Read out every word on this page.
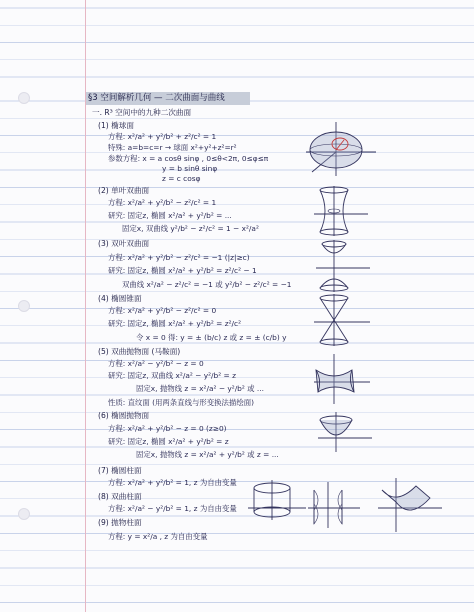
§3 空间解析几何 — 二次曲面与曲线
一. R³ 空间中的九种二次曲面
(1) 椭球面
方程: x²/a² + y²/b² + z²/c² = 1
特殊: a=b=c=r → 球面 x²+y²+z²=r²
参数方程: x = a cosθ sinφ , 0≤θ<2π, 0≤φ≤π
y = b sinθ sinφ
z = c cosφ
(2) 单叶双曲面
方程: x²/a² + y²/b² − z²/c² = 1
研究: 固定z, 椭圆 x²/a² + y²/b² = ...
固定x, 双曲线 y²/b² − z²/c² = 1 − x²/a²
(3) 双叶双曲面
方程: x²/a² + y²/b² − z²/c² = −1 (|z|≥c)
研究: 固定z, 椭圆 x²/a² + y²/b² = z²/c² − 1
双曲线 x²/a² − z²/c² = −1 或 y²/b² − z²/c² = −1
(4) 椭圆锥面
方程: x²/a² + y²/b² − z²/c² = 0
研究: 固定z, 椭圆 x²/a² + y²/b² = z²/c²
令 x = 0 得: y = ± (b/c) z 或 z = ± (c/b) y
(5) 双曲抛物面 (马鞍面)
方程: x²/a² − y²/b² − z = 0
研究: 固定z, 双曲线 x²/a² − y²/b² = z
固定x, 抛物线 z = x²/a² − y²/b² 或 ...
性质: 直纹面 (用两条直线与形变换法描绘面)
(6) 椭圆抛物面
方程: x²/a² + y²/b² − z = 0 (z≥0)
研究: 固定z, 椭圆 x²/a² + y²/b² = z
固定x, 抛物线 z = x²/a² + y²/b² 或 z = ...
(7) 椭圆柱面
方程: x²/a² + y²/b² = 1, z 为自由变量
(8) 双曲柱面
方程: x²/a² − y²/b² = 1, z 为自由变量
(9) 抛物柱面
方程: y = x²/a , z 为自由变量
